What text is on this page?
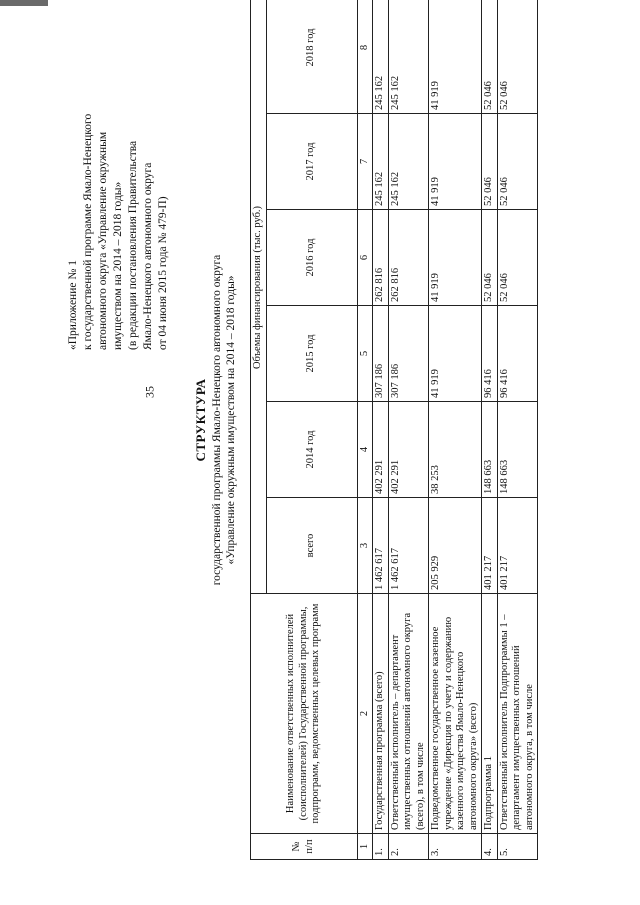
35
«Приложение № 1 к государственной программе Ямало-Ненецкого автономного округа «Управление окружным имуществом на 2014 – 2018 годы» (в редакции постановления Правительства Ямало-Ненецкого автономного округа от 04 июня 2015 года № 479-П)
СТРУКТУРА государственной программы Ямало-Ненецкого автономного округа «Управление окружным имуществом на 2014 – 2018 годы»
№ п/п	Наименование ответственных исполнителей (соисполнителей) Государственной программы, подпрограмм, ведомственных целевых программ	Объемы финансирования (тыс. руб.)					
		всего	2014 год	2015 год	2016 год	2017 год	2018 год
1	2	3	4	5	6	7	8
1.	Государственная программа (всего)	1 462 617	402 291	307 186	262 816	245 162	245 162
2.	Ответственный исполнитель – департамент имущественных отношений автономного округа (всего), в том числе	1 462 617	402 291	307 186	262 816	245 162	245 162
3.	Подведомственное государственное казенное учреждение «Дирекция по учету и содержанию казенного имущества Ямало-Ненецкого автономного округа» (всего)	205 929	38 253	41 919	41 919	41 919	41 919
4.	Подпрограмма 1	401 217	148 663	96 416	52 046	52 046	52 046
5.	Ответственный исполнитель Подпрограммы 1 – департамент имущественных отношений автономного округа, в том числе	401 217	148 663	96 416	52 046	52 046	52 046
